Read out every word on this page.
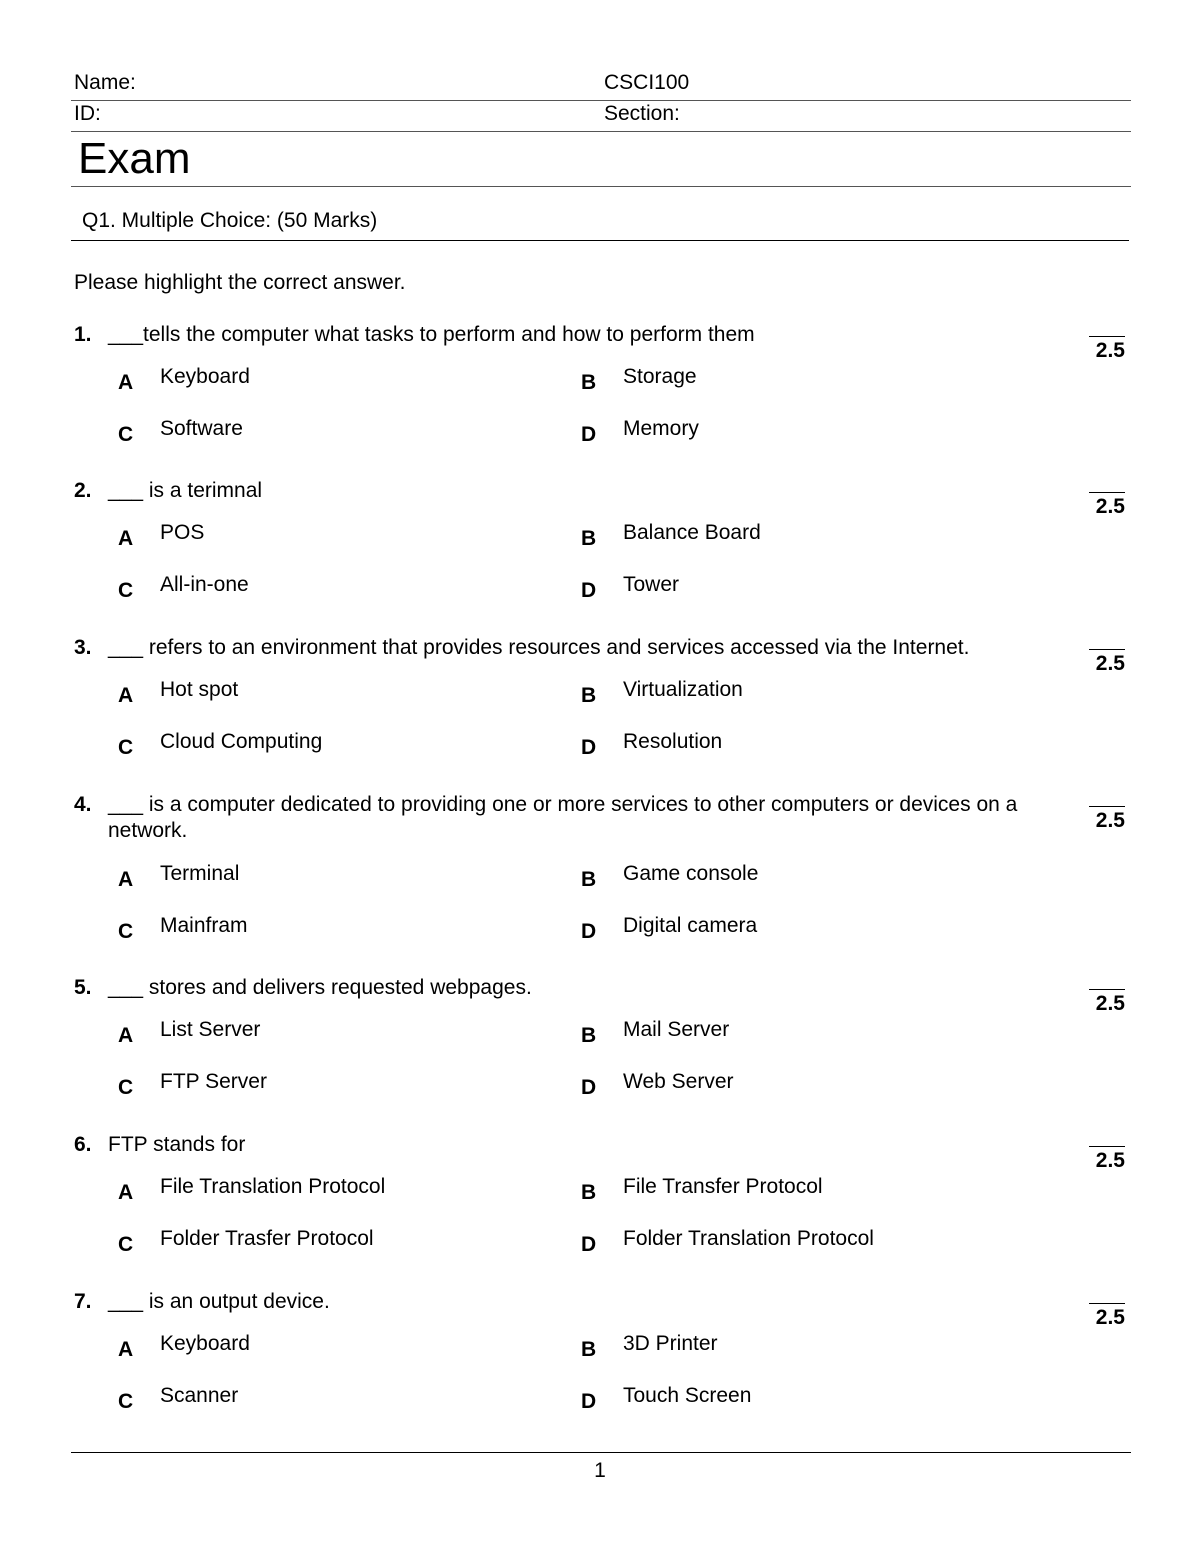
Name:	CSCI100
ID:	Section:
Exam
Q1. Multiple Choice: (50 Marks)
Please highlight the correct answer.
1. ___tells the computer what tasks to perform and how to perform them
2.5
A Keyboard	B Storage
C Software	D Memory
2. ___ is a terimnal
2.5
A POS	B Balance Board
C All-in-one	D Tower
3. ___ refers to an environment that provides resources and services accessed via the Internet.
2.5
A Hot spot	B Virtualization
C Cloud Computing	D Resolution
4. ___ is a computer dedicated to providing one or more services to other computers or devices on a network.	2.5
A Terminal	B Game console
C Mainfram	D Digital camera
5. ___ stores and delivers requested webpages.
2.5
A List Server	B Mail Server
C FTP Server	D Web Server
6. FTP stands for
2.5
A File Translation Protocol	B File Transfer Protocol
C Folder Trasfer Protocol	D Folder Translation Protocol
7. ___ is an output device.
2.5
A Keyboard	B 3D Printer
C Scanner	D Touch Screen
1
